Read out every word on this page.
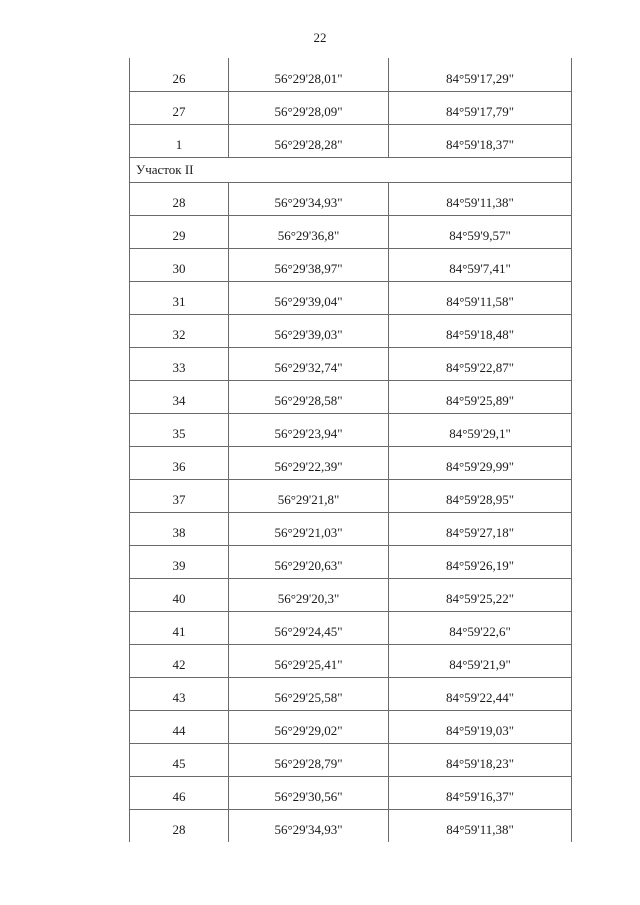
22
26	56°29'28,01"	84°59'17,29"
27	56°29'28,09"	84°59'17,79"
1	56°29'28,28"	84°59'18,37"
Участок II		
28	56°29'34,93"	84°59'11,38"
29	56°29'36,8"	84°59'9,57"
30	56°29'38,97"	84°59'7,41"
31	56°29'39,04"	84°59'11,58"
32	56°29'39,03"	84°59'18,48"
33	56°29'32,74"	84°59'22,87"
34	56°29'28,58"	84°59'25,89"
35	56°29'23,94"	84°59'29,1"
36	56°29'22,39"	84°59'29,99"
37	56°29'21,8"	84°59'28,95"
38	56°29'21,03"	84°59'27,18"
39	56°29'20,63"	84°59'26,19"
40	56°29'20,3"	84°59'25,22"
41	56°29'24,45"	84°59'22,6"
42	56°29'25,41"	84°59'21,9"
43	56°29'25,58"	84°59'22,44"
44	56°29'29,02"	84°59'19,03"
45	56°29'28,79"	84°59'18,23"
46	56°29'30,56"	84°59'16,37"
28	56°29'34,93"	84°59'11,38"
